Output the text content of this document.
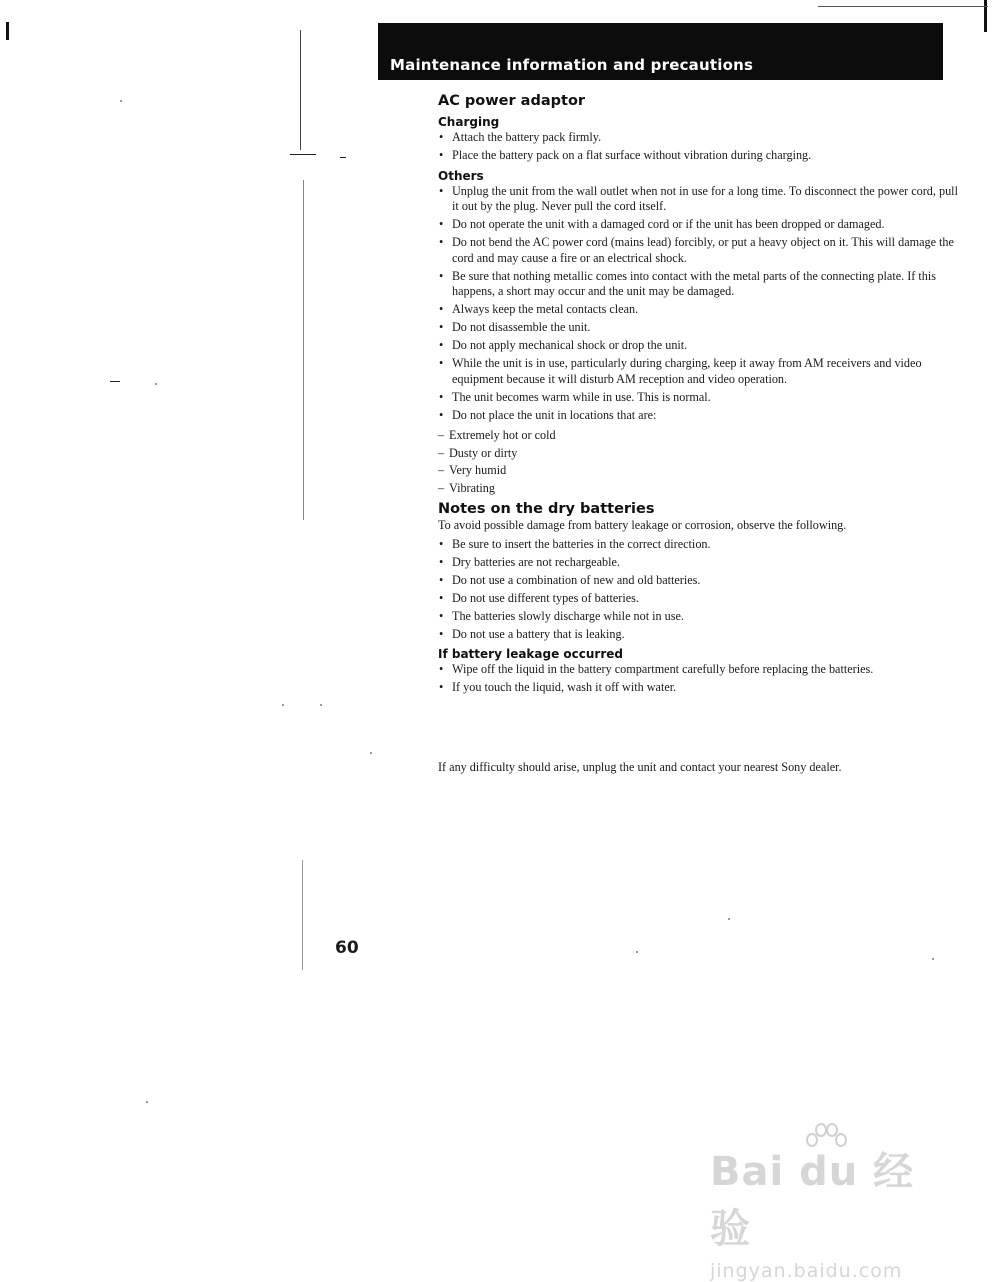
Maintenance information and precautions
AC power adaptor
Charging
• Attach the battery pack firmly.
• Place the battery pack on a flat surface without vibration during charging.
Others
• Unplug the unit from the wall outlet when not in use for a long time. To disconnect the power cord, pull it out by the plug. Never pull the cord itself.
• Do not operate the unit with a damaged cord or if the unit has been dropped or damaged.
• Do not bend the AC power cord (mains lead) forcibly, or put a heavy object on it. This will damage the cord and may cause a fire or an electrical shock.
• Be sure that nothing metallic comes into contact with the metal parts of the connecting plate. If this happens, a short may occur and the unit may be damaged.
• Always keep the metal contacts clean.
• Do not disassemble the unit.
• Do not apply mechanical shock or drop the unit.
• While the unit is in use, particularly during charging, keep it away from AM receivers and video equipment because it will disturb AM reception and video operation.
• The unit becomes warm while in use. This is normal.
• Do not place the unit in locations that are:
– Extremely hot or cold
– Dusty or dirty
– Very humid
– Vibrating
Notes on the dry batteries

To avoid possible damage from battery leakage or corrosion, observe the following.

• Be sure to insert the batteries in the correct direction.
• Dry batteries are not rechargeable.
• Do not use a combination of new and old batteries.
• Do not use different types of batteries.
• The batteries slowly discharge while not in use.
• Do not use a battery that is leaking.
If battery leakage occurred
• Wipe off the liquid in the battery compartment carefully before replacing the batteries.
• If you touch the liquid, wash it off with water.
If any difficulty should arise, unplug the unit and contact your nearest Sony dealer.
60
Bai du 经验
jingyan.baidu.com
